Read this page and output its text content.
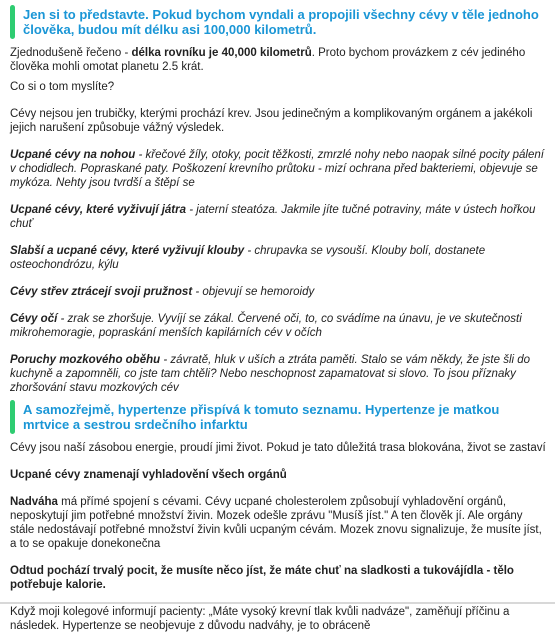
Jen si to představte. Pokud bychom vyndali a propojili všechny cévy v těle jednoho člověka, budou mít délku asi 100,000 kilometrů.

Zjednodušeně řečeno - délka rovníku je 40,000 kilometrů. Proto bychom provázkem z cév jediného člověka mohli omotat planetu 2.5 krát.

Co si o tom myslíte?

Cévy nejsou jen trubičky, kterými prochází krev. Jsou jedinečným a komplikovaným orgánem a jakékoli jejich narušení způsobuje vážný výsledek.

Ucpané cévy na nohou - křečové žíly, otoky, pocit těžkosti, zmrzlé nohy nebo naopak silné pocity pálení v chodidlech. Popraskané paty. Poškození krevního průtoku - mizí ochrana před bakteriemi, objevuje se mykóza. Nehty jsou tvrdší a štěpí se

Ucpané cévy, které vyživují játra - jaterní steatóza. Jakmile jíte tučné potraviny, máte v ústech hořkou chuť

Slabší a ucpané cévy, které vyživují klouby - chrupavka se vysouší. Klouby bolí, dostanete osteochondrózu, kýlu

Cévy střev ztrácejí svoji pružnost - objevují se hemoroidy

Cévy očí - zrak se zhoršuje. Vyvíjí se zákal. Červené oči, to, co svádíme na únavu, je ve skutečnosti mikrohemoragie, popraskání menších kapilárních cév v očích

Poruchy mozkového oběhu - závratě, hluk v uších a ztráta paměti. Stalo se vám někdy, že jste šli do kuchyně a zapomněli, co jste tam chtěli? Nebo neschopnost zapamatovat si slovo. To jsou příznaky zhoršování stavu mozkových cév

A samozřejmě, hypertenze přispívá k tomuto seznamu. Hypertenze je matkou mrtvice a sestrou srdečního infarktu

Cévy jsou naší zásobou energie, proudí jimi život. Pokud je tato důležitá trasa blokována, život se zastaví

Ucpané cévy znamenají vyhladovění všech orgánů

Nadváha má přímé spojení s cévami. Cévy ucpané cholesterolem způsobují vyhladovění orgánů, neposkytují jim potřebné množství živin. Mozek odešle zprávu "Musíš jíst." A ten člověk jí. Ale orgány stále nedostávají potřebné množství živin kvůli ucpaným cévám. Mozek znovu signalizuje, že musíte jíst, a to se opakuje donekonečna

Odtud pochází trvalý pocit, že musíte něco jíst, že máte chuť na sladkosti a tukovájídla - tělo potřebuje kalorie.

Když moji kolegové informují pacienty: „Máte vysoký krevní tlak kvůli nadváze", zaměňují příčinu a následek. Hypertenze se neobjevuje z důvodu nadváhy, je to obráceně
